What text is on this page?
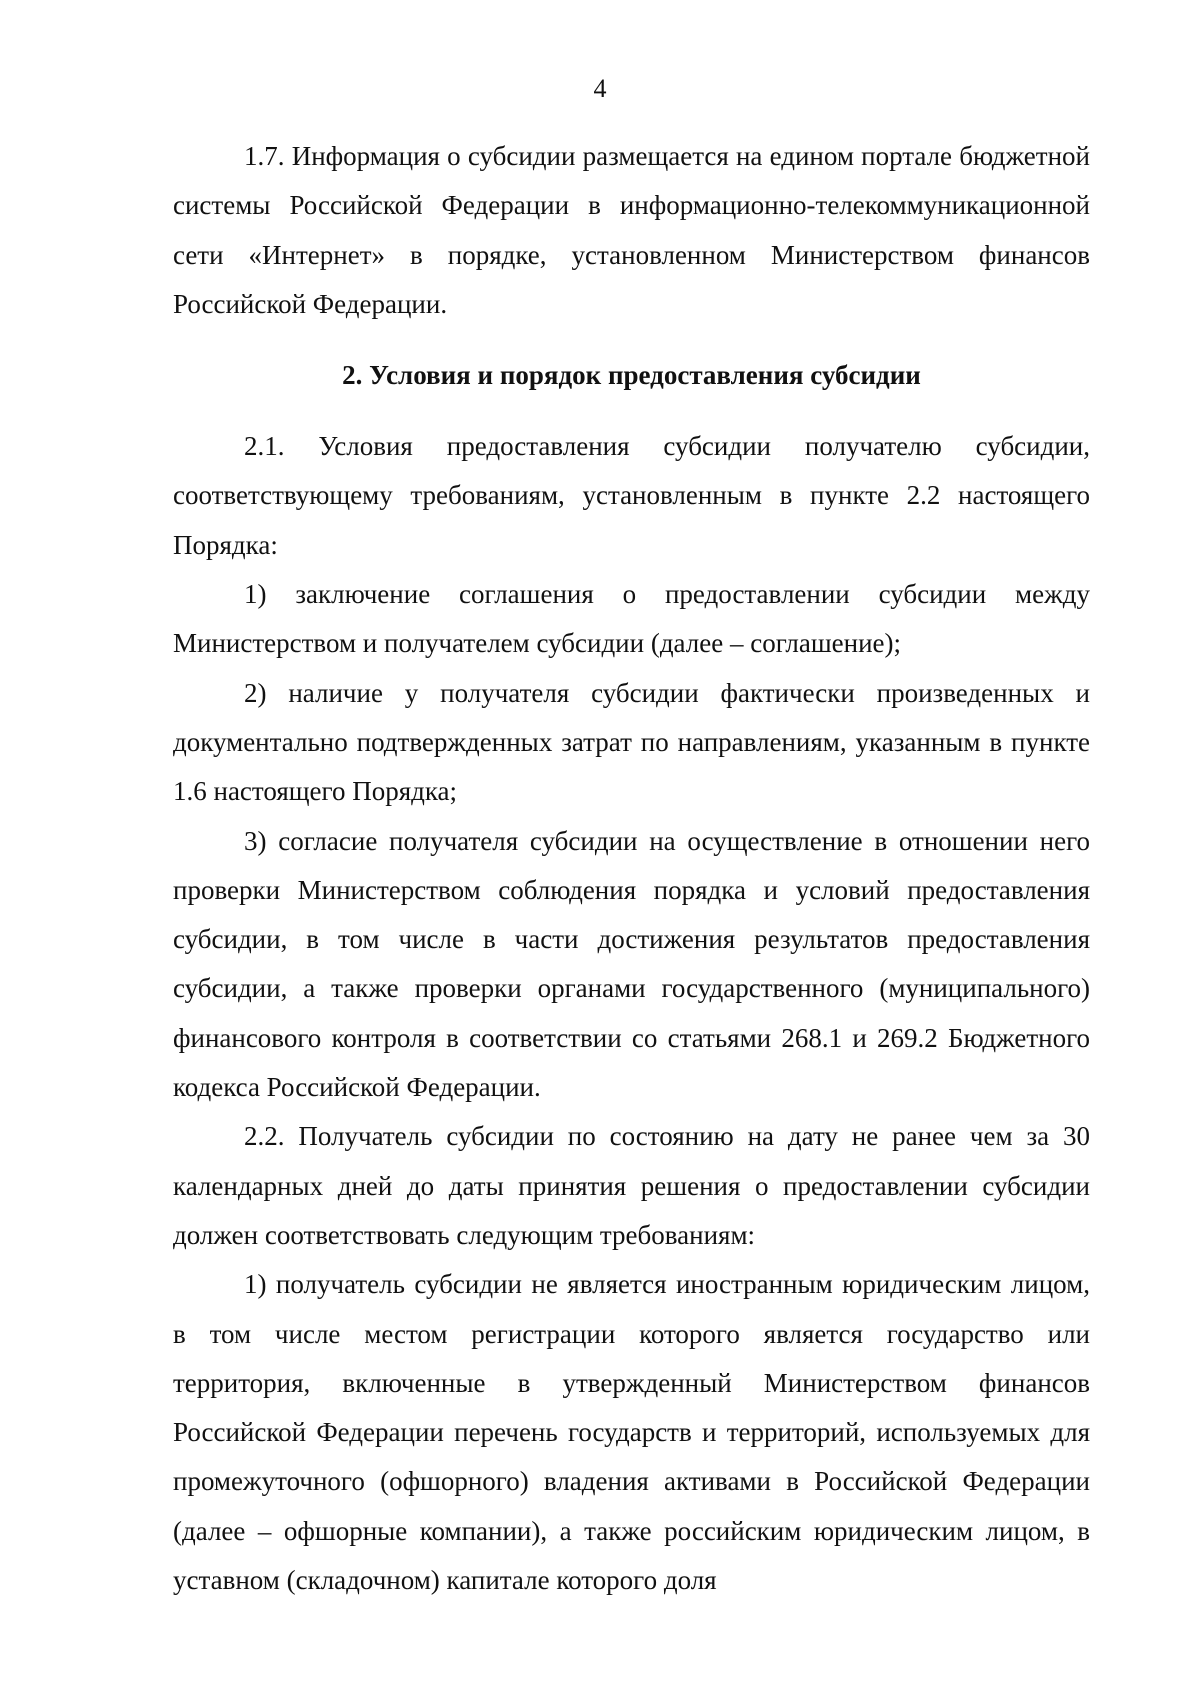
4

1.7. Информация о субсидии размещается на едином портале бюджетной системы Российской Федерации в информационно-телекоммуникационной сети «Интернет» в порядке, установленном Министерством финансов Российской Федерации.

2. Условия и порядок предоставления субсидии

2.1. Условия предоставления субсидии получателю субсидии, соответствующему требованиям, установленным в пункте 2.2 настоящего Порядка:

1) заключение соглашения о предоставлении субсидии между Министерством и получателем субсидии (далее – соглашение);

2) наличие у получателя субсидии фактически произведенных и документально подтвержденных затрат по направлениям, указанным в пункте 1.6 настоящего Порядка;

3) согласие получателя субсидии на осуществление в отношении него проверки Министерством соблюдения порядка и условий предоставления субсидии, в том числе в части достижения результатов предоставления субсидии, а также проверки органами государственного (муниципального) финансового контроля в соответствии со статьями 268.1 и 269.2 Бюджетного кодекса Российской Федерации.

2.2. Получатель субсидии по состоянию на дату не ранее чем за 30 календарных дней до даты принятия решения о предоставлении субсидии должен соответствовать следующим требованиям:

1) получатель субсидии не является иностранным юридическим лицом, в том числе местом регистрации которого является государство или территория, включенные в утвержденный Министерством финансов Российской Федерации перечень государств и территорий, используемых для промежуточного (офшорного) владения активами в Российской Федерации (далее – офшорные компании), а также российским юридическим лицом, в уставном (складочном) капитале которого доля
